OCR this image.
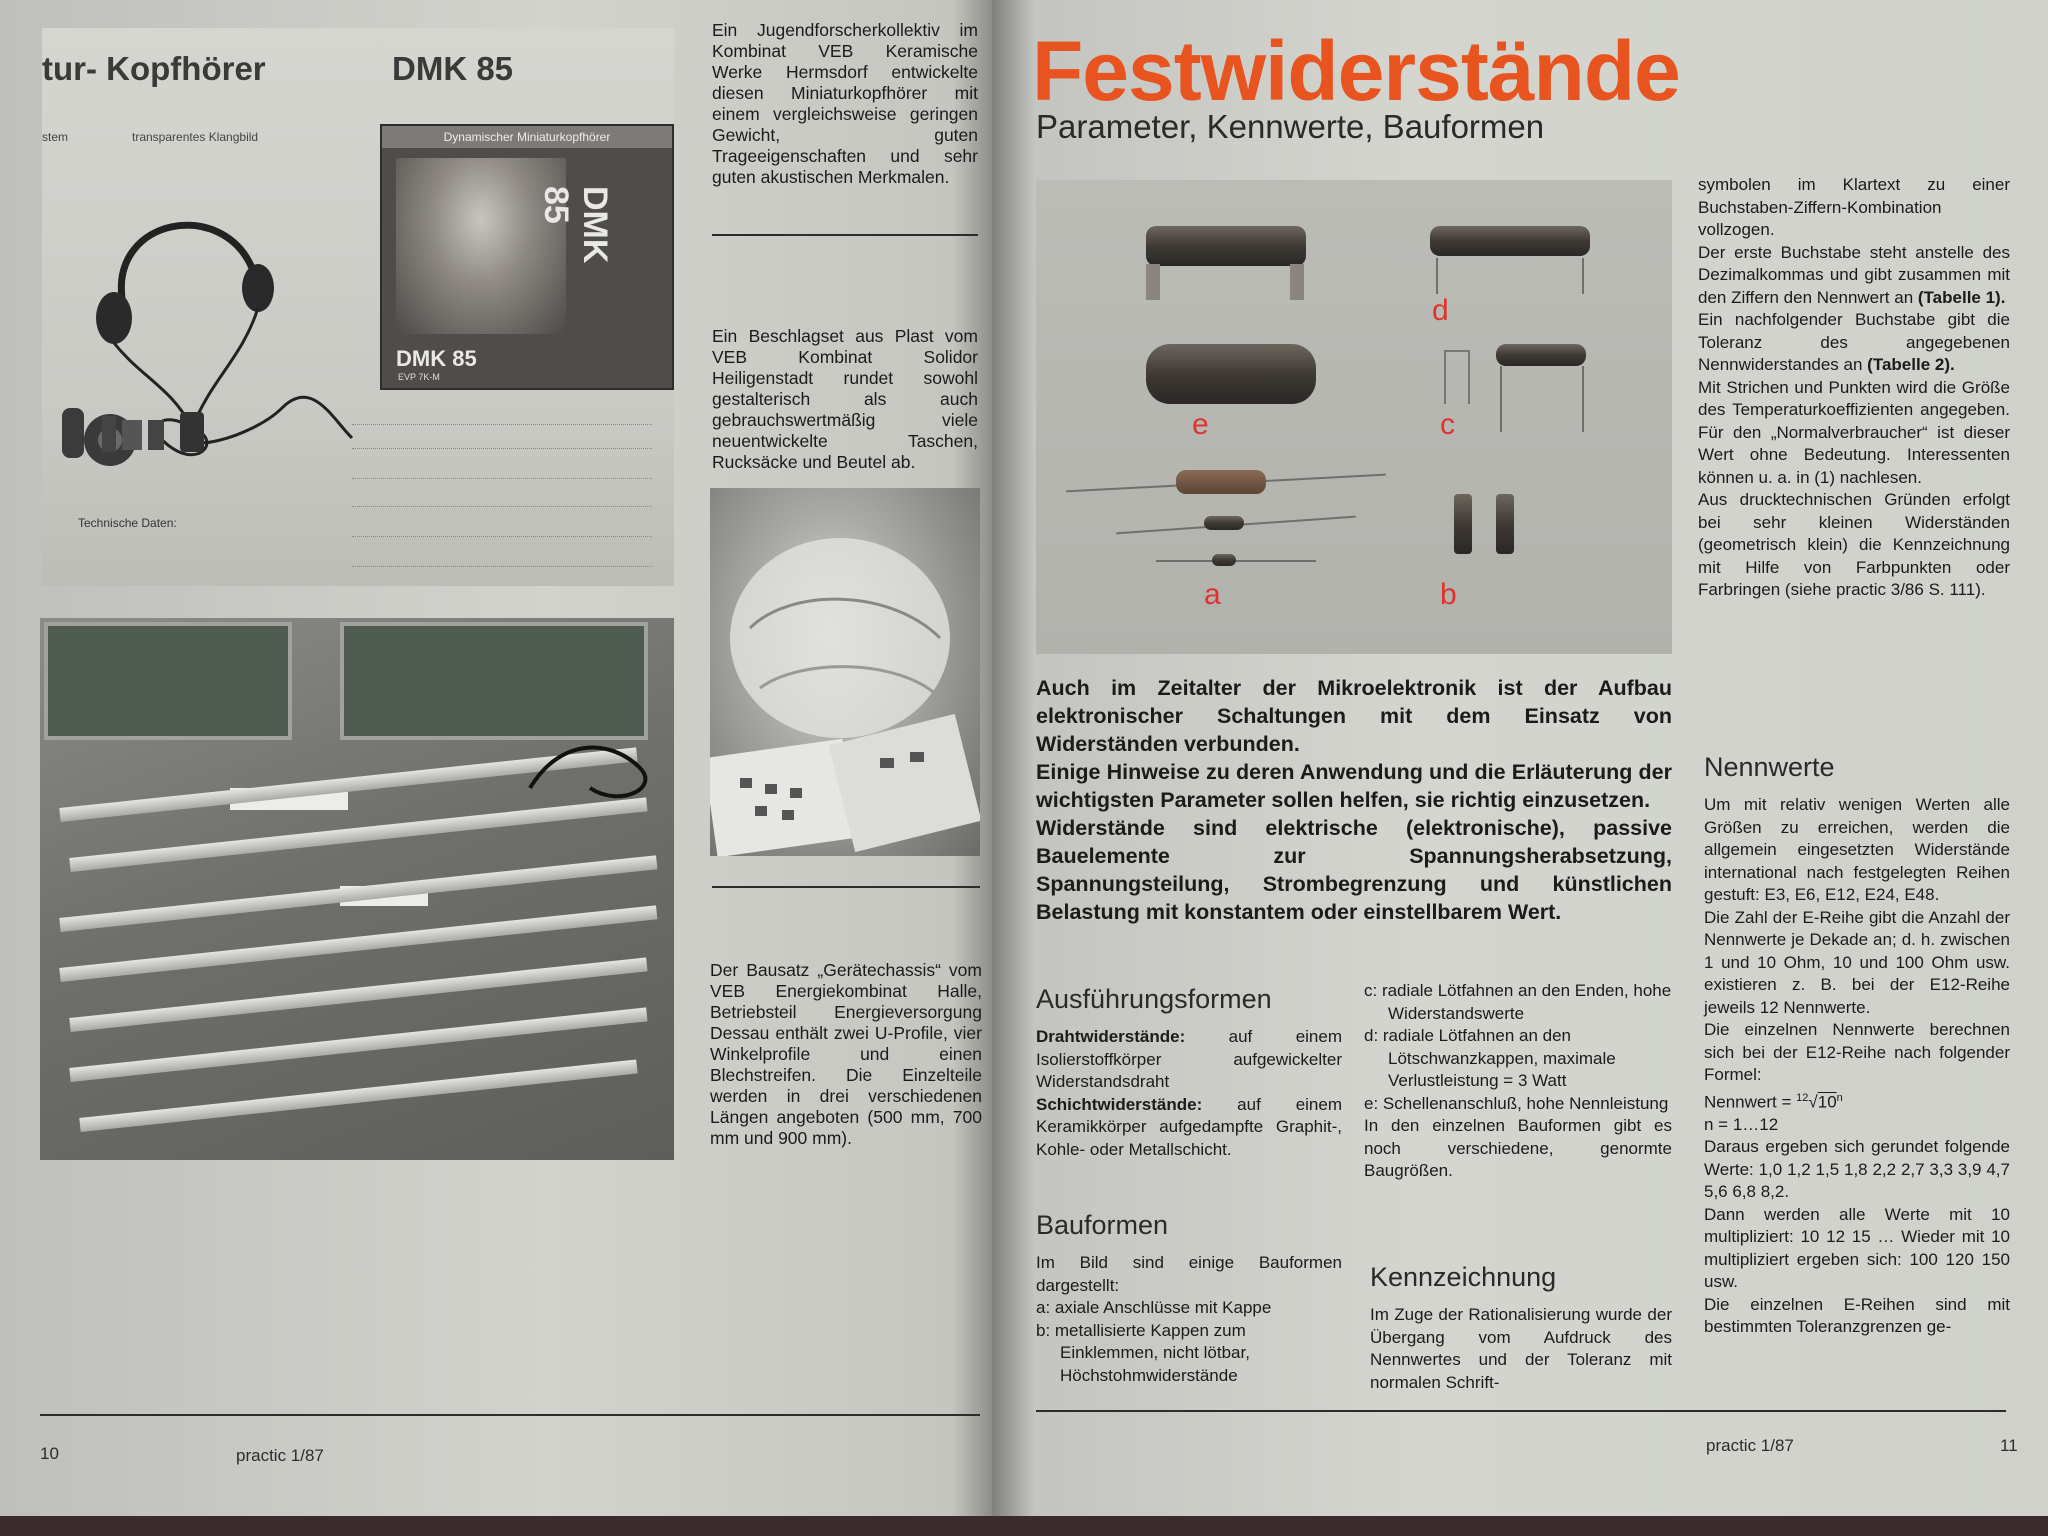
tur- Kopfhörer	DMK 85
stem	transparentes Klangbild	Dynamischer Miniaturkopfhörer
DMK 85
DMK 85
EVP 7K-M
Technische Daten:
Ein Jugendforscherkollektiv im Kombinat VEB Keramische Werke Hermsdorf entwickelte diesen Miniaturkopfhörer mit einem vergleichsweise geringen Gewicht, guten Trageeigenschaften und sehr guten akustischen Merkmalen.
Ein Beschlagset aus Plast vom VEB Kombinat Solidor Heiligenstadt rundet sowohl gestalterisch als auch gebrauchswertmäßig viele neuentwickelte Taschen, Rucksäcke und Beutel ab.
Der Bausatz „Gerätechassis“ vom VEB Energiekombinat Halle, Betriebsteil Energieversorgung Dessau enthält zwei U-Profile, vier Winkelprofile und einen Blechstreifen. Die Einzelteile werden in drei verschiedenen Längen angeboten (500 mm, 700 mm und 900 mm).
10	practic 1/87
Festwiderstände
Parameter, Kennwerte, Bauformen
a	b
c
d
e

Auch im Zeitalter der Mikroelektronik ist der Aufbau elektronischer Schaltungen mit dem Einsatz von Widerständen verbunden.

Einige Hinweise zu deren Anwendung und die Erläuterung der wichtigsten Parameter sollen helfen, sie richtig einzusetzen.

Widerstände sind elektrische (elektronische), passive Bauelemente zur Spannungsherabsetzung, Spannungsteilung, Strombegrenzung und künstlichen Belastung mit konstantem oder einstellbarem Wert.

Ausführungsformen

Drahtwiderstände: auf einem Isolierstoffkörper aufgewickelter Widerstandsdraht

Schichtwiderstände: auf einem Keramikkörper aufgedampfte Graphit-, Kohle- oder Metallschicht.

Bauformen

Im Bild sind einige Bauformen dargestellt:

a: axiale Anschlüsse mit Kappe

b: metallisierte Kappen zum Einklemmen, nicht lötbar, Höchstohmwiderstände

c: radiale Lötfahnen an den Enden, hohe Widerstandswerte

d: radiale Lötfahnen an den Lötschwanzkappen, maximale Verlustleistung = 3 Watt

e: Schellenanschluß, hohe Nennleistung

In den einzelnen Bauformen gibt es noch verschiedene, genormte Baugrößen.

Kennzeichnung
Im Zuge der Rationalisierung wurde der Übergang vom Aufdruck des Nennwertes und der Toleranz mit normalen Schrift-

symbolen im Klartext zu einer Buchstaben-Ziffern-Kombination vollzogen.

Der erste Buchstabe steht anstelle des Dezimalkommas und gibt zusammen mit den Ziffern den Nennwert an (Tabelle 1).

Ein nachfolgender Buchstabe gibt die Toleranz des angegebenen Nennwiderstandes an (Tabelle 2).

Mit Strichen und Punkten wird die Größe des Temperaturkoeffizienten angegeben. Für den „Normalverbraucher“ ist dieser Wert ohne Bedeutung. Interessenten können u. a. in (1) nachlesen.

Aus drucktechnischen Gründen erfolgt bei sehr kleinen Widerständen (geometrisch klein) die Kennzeichnung mit Hilfe von Farbpunkten oder Farbringen (siehe practic 3/86 S. 111).

Nennwerte

Um mit relativ wenigen Werten alle Größen zu erreichen, werden die allgemein eingesetzten Widerstände international nach festgelegten Reihen gestuft: E3, E6, E12, E24, E48.

Die Zahl der E-Reihe gibt die Anzahl der Nennwerte je Dekade an; d. h. zwischen 1 und 10 Ohm, 10 und 100 Ohm usw. existieren z. B. bei der E12-Reihe jeweils 12 Nennwerte.

Die einzelnen Nennwerte berechnen sich bei der E12-Reihe nach folgender Formel:

Nennwert = $^{12}√10^n$

n = 1…12

Daraus ergeben sich gerundet folgende Werte: 1,0 1,2 1,5 1,8 2,2 2,7 3,3 3,9 4,7 5,6 6,8 8,2.

Dann werden alle Werte mit 10 multipliziert: 10 12 15 … Wieder mit 10 multipliziert ergeben sich: 100 120 150 usw.

Die einzelnen E-Reihen sind mit bestimmten Toleranzgrenzen ge-

practic 1/87	11
